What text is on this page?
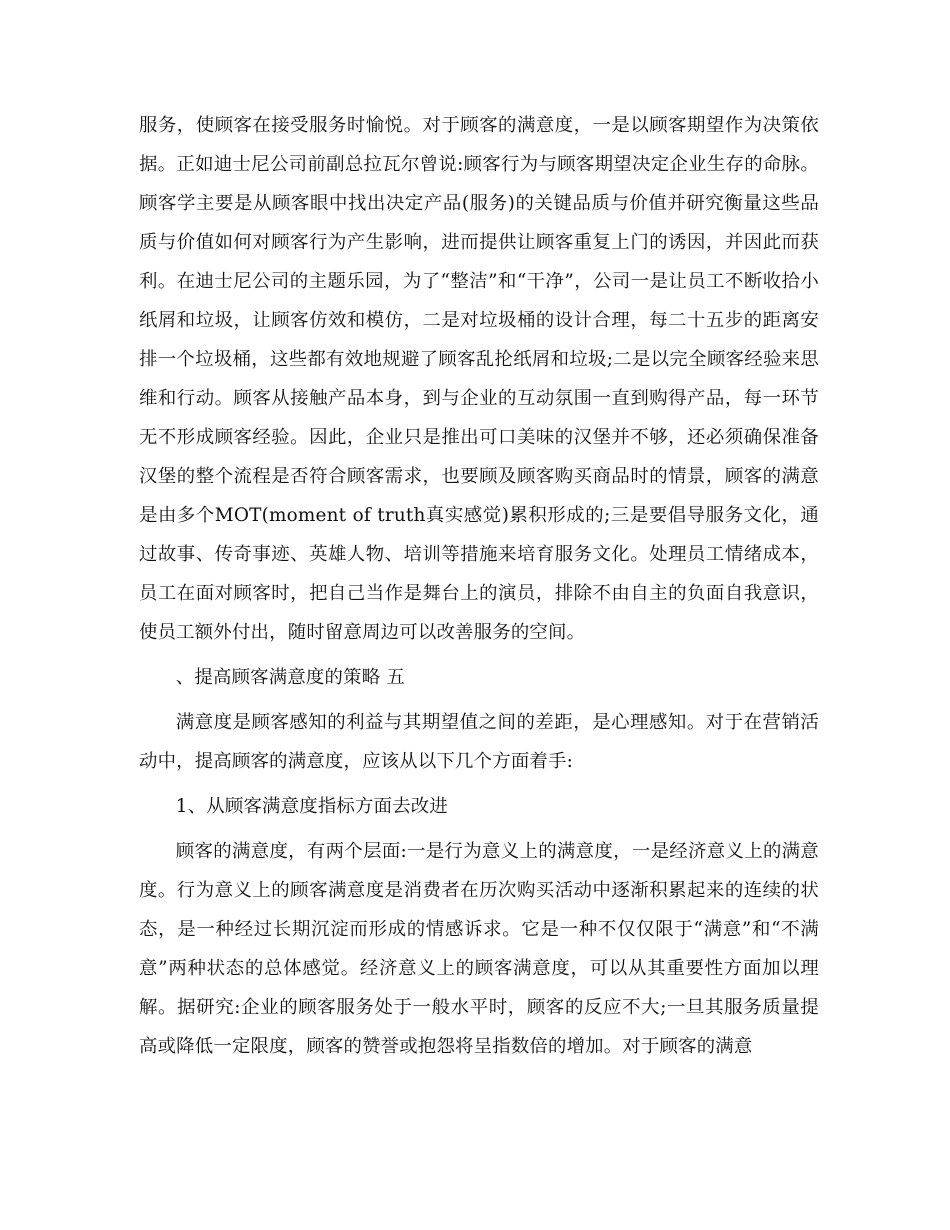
服务，使顾客在接受服务时愉悦。对于顾客的满意度，一是以顾客期望作为决策依据。正如迪士尼公司前副总拉瓦尔曾说:顾客行为与顾客期望决定企业生存的命脉。顾客学主要是从顾客眼中找出决定产品(服务)的关键品质与价值并研究衡量这些品质与价值如何对顾客行为产生影响，进而提供让顾客重复上门的诱因，并因此而获利。在迪士尼公司的主题乐园，为了“整洁”和“干净”，公司一是让员工不断收拾小纸屑和垃圾，让顾客仿效和模仿，二是对垃圾桶的设计合理，每二十五步的距离安排一个垃圾桶，这些都有效地规避了顾客乱抡纸屑和垃圾;二是以完全顾客经验来思维和行动。顾客从接触产品本身，到与企业的互动氛围一直到购得产品，每一环节无不形成顾客经验。因此，企业只是推出可口美味的汉堡并不够，还必须确保准备汉堡的整个流程是否符合顾客需求，也要顾及顾客购买商品时的情景，顾客的满意是由多个MOT(moment of truth真实感觉)累积形成的;三是要倡导服务文化，通过故事、传奇事迹、英雄人物、培训等措施来培育服务文化。处理员工情绪成本，员工在面对顾客时，把自己当作是舞台上的演员，排除不由自主的负面自我意识，使员工额外付出，随时留意周边可以改善服务的空间。

、提高顾客满意度的策略 五

满意度是顾客感知的利益与其期望值之间的差距，是心理感知。对于在营销活动中，提高顾客的满意度，应该从以下几个方面着手:

1、从顾客满意度指标方面去改进

顾客的满意度，有两个层面:一是行为意义上的满意度，一是经济意义上的满意度。行为意义上的顾客满意度是消费者在历次购买活动中逐渐积累起来的连续的状态，是一种经过长期沉淀而形成的情感诉求。它是一种不仅仅限于“满意”和“不满意”两种状态的总体感觉。经济意义上的顾客满意度，可以从其重要性方面加以理解。据研究:企业的顾客服务处于一般水平时，顾客的反应不大;一旦其服务质量提高或降低一定限度，顾客的赞誉或抱怨将呈指数倍的增加。对于顾客的满意
